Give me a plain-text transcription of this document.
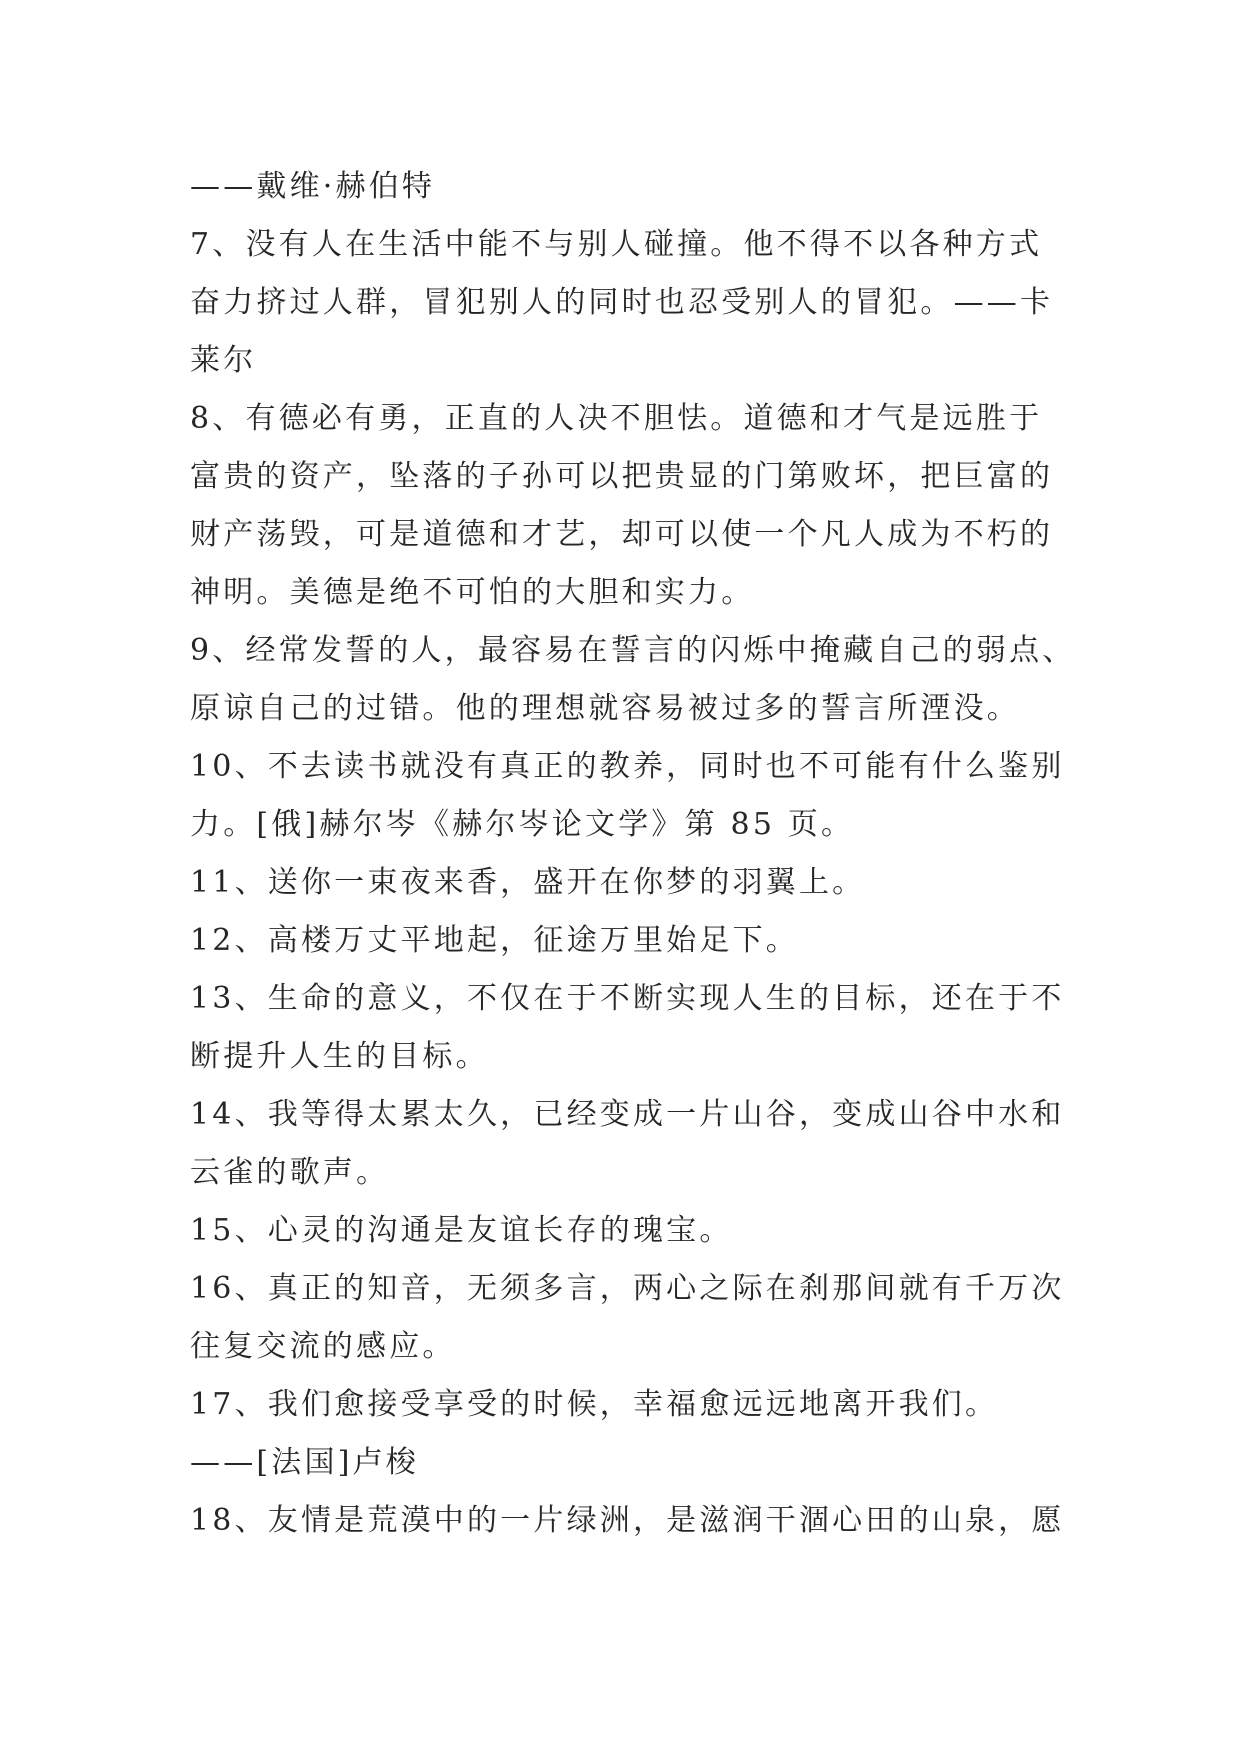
——戴维·赫伯特
7、没有人在生活中能不与别人碰撞。他不得不以各种方式
奋力挤过人群，冒犯别人的同时也忍受别人的冒犯。——卡
莱尔
8、有德必有勇，正直的人决不胆怯。道德和才气是远胜于
富贵的资产，坠落的子孙可以把贵显的门第败坏，把巨富的
财产荡毁，可是道德和才艺，却可以使一个凡人成为不朽的
神明。美德是绝不可怕的大胆和实力。
9、经常发誓的人，最容易在誓言的闪烁中掩藏自己的弱点、
原谅自己的过错。他的理想就容易被过多的誓言所湮没。
10、不去读书就没有真正的教养，同时也不可能有什么鉴别
力。[俄]赫尔岑《赫尔岑论文学》第 85 页。
11、送你一束夜来香，盛开在你梦的羽翼上。
12、高楼万丈平地起，征途万里始足下。
13、生命的意义，不仅在于不断实现人生的目标，还在于不
断提升人生的目标。
14、我等得太累太久，已经变成一片山谷，变成山谷中水和
云雀的歌声。
15、心灵的沟通是友谊长存的瑰宝。
16、真正的知音，无须多言，两心之际在刹那间就有千万次
往复交流的感应。
17、我们愈接受享受的时候，幸福愈远远地离开我们。
——[法国]卢梭
18、友情是荒漠中的一片绿洲，是滋润干涸心田的山泉，愿
